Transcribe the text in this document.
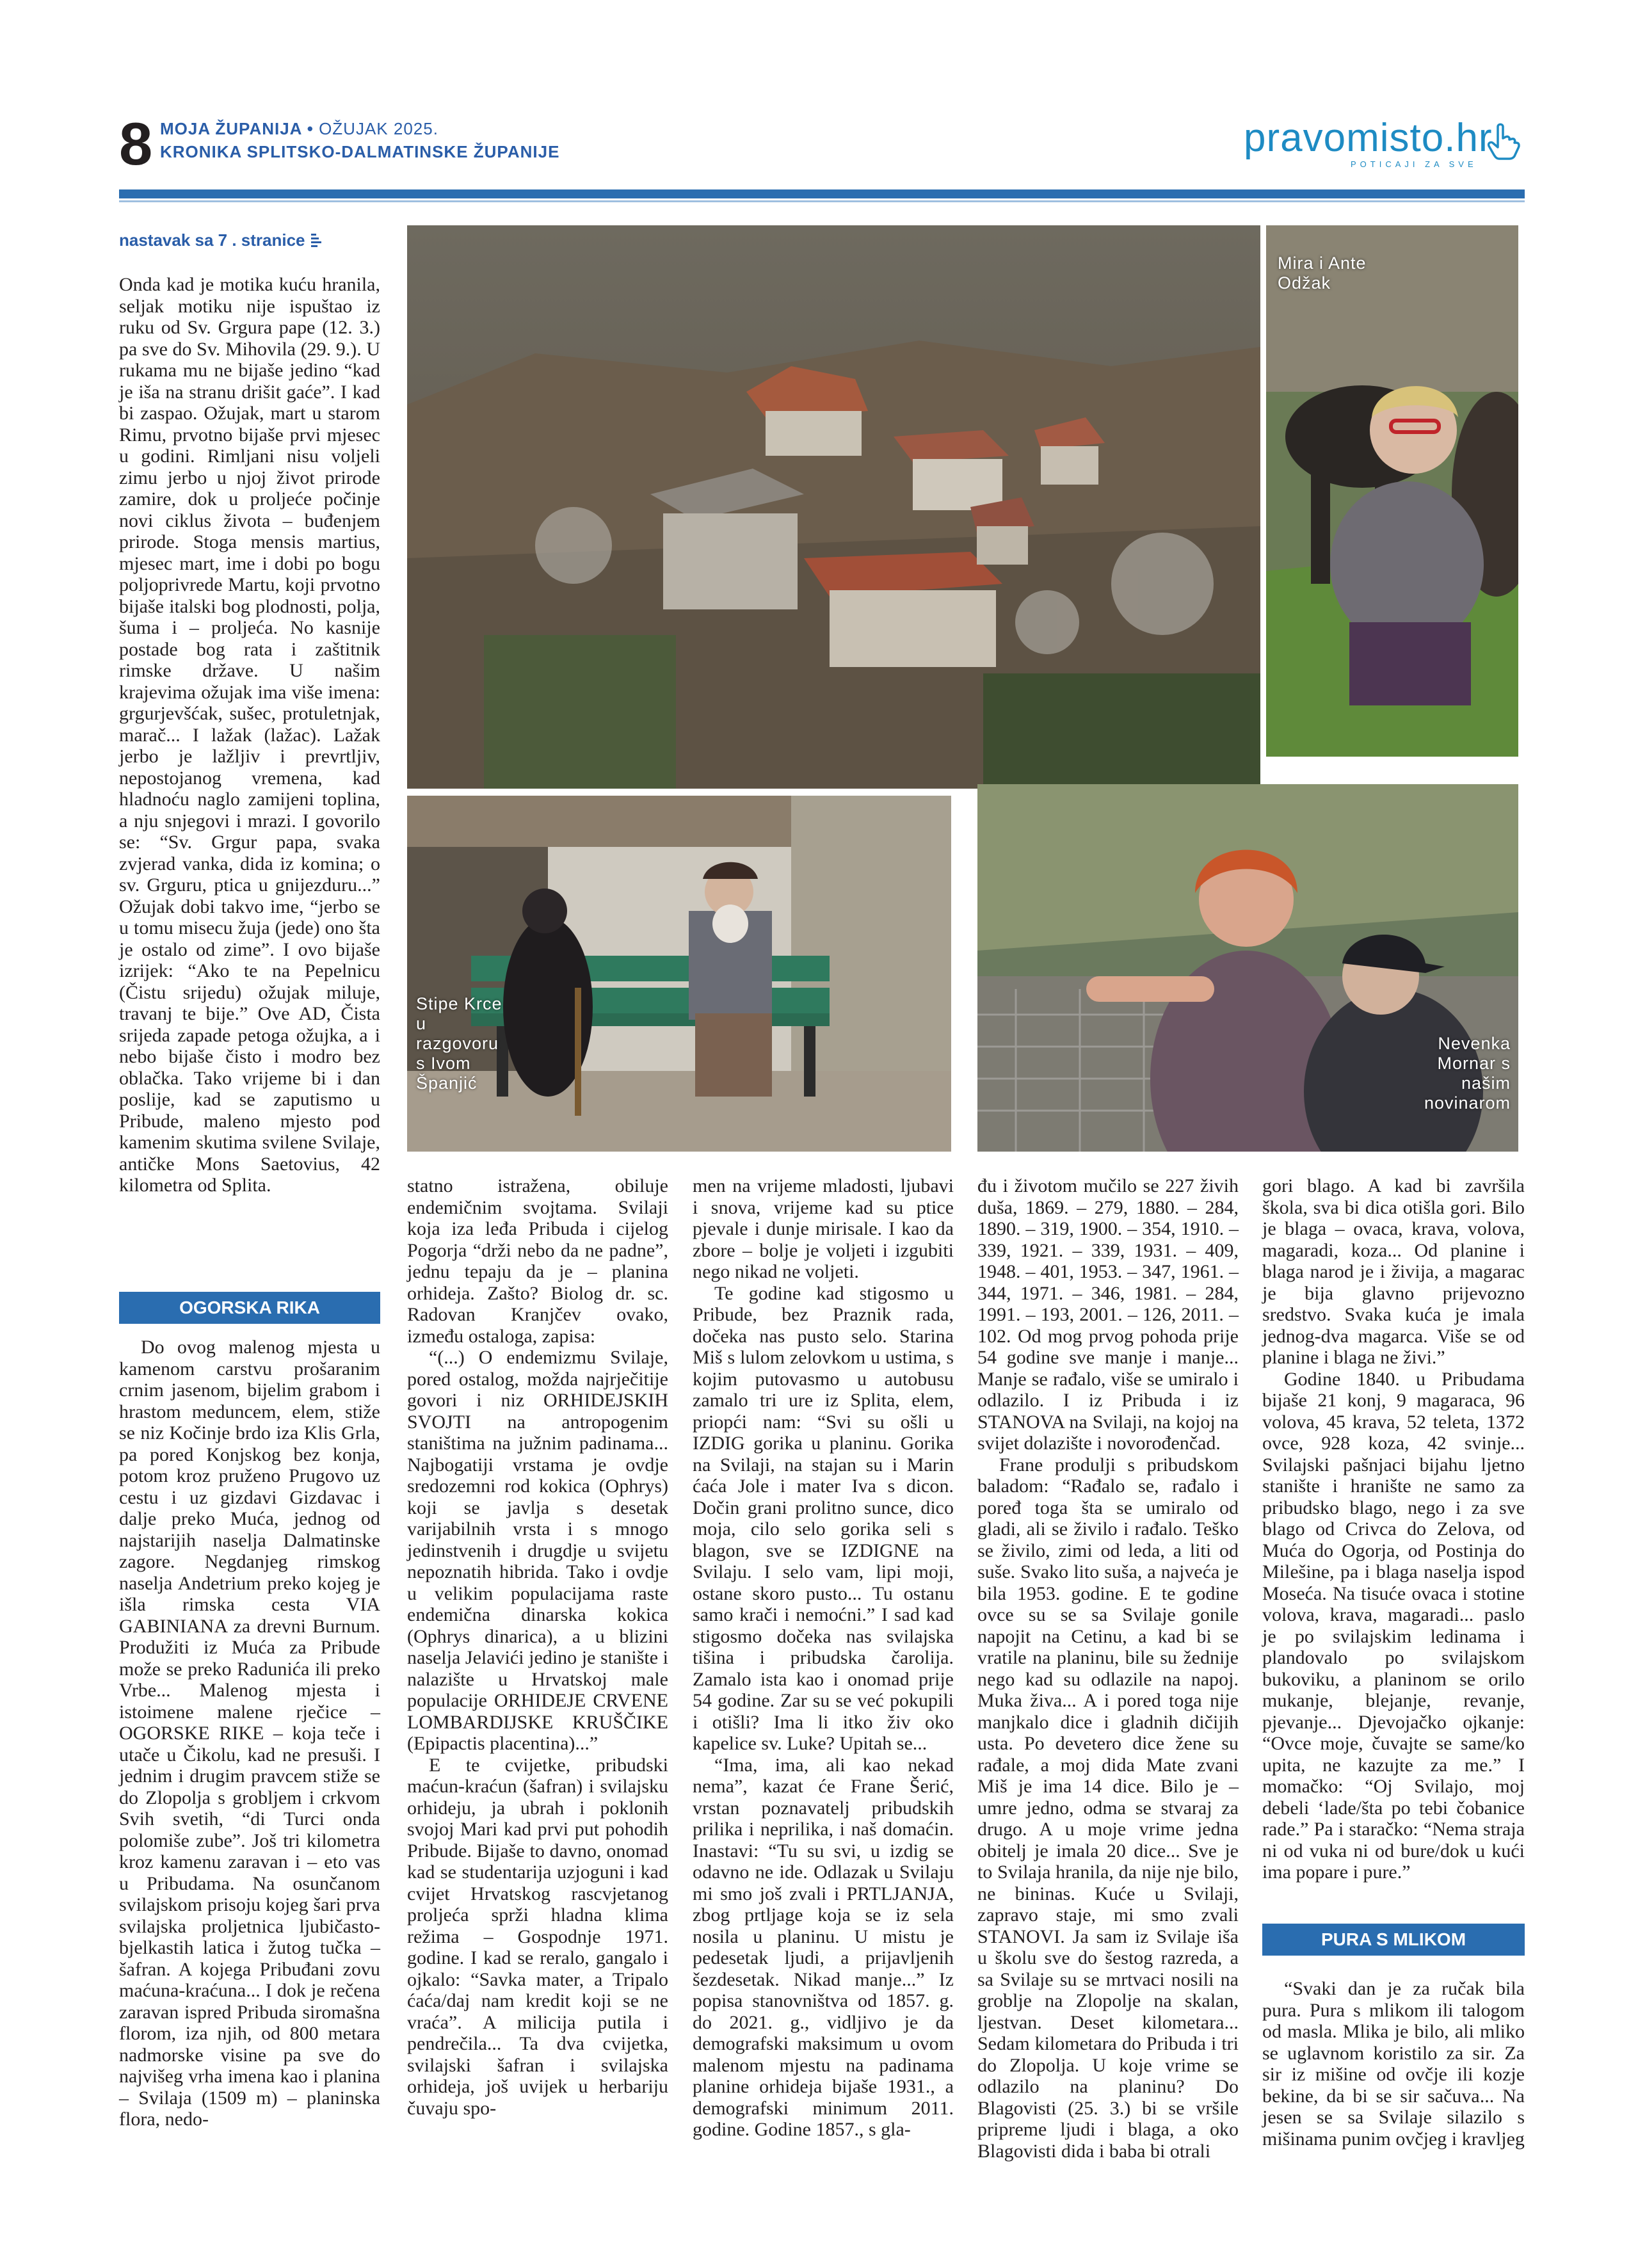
8 MOJA ŽUPANIJA • OŽUJAK 2025.
KRONIKA SPLITSKO-DALMATINSKE ŽUPANIJE	pravomisto.hr
POTICAJI ZA SVE
nastavak sa 7 . stranice
Mira i Ante Odžak
Stipe Krce u razgovoru s Ivom Španjić
Nevenka Mornar s našim novinarom

Onda kad je motika kuću hranila, seljak motiku nije ispuštao iz ruku od Sv. Grgura pape (12. 3.) pa sve do Sv. Mihovila (29. 9.). U rukama mu ne bijaše jedino “kad je iša na stranu drišit gaće”. I kad bi zaspao. Ožujak, mart u starom Rimu, prvotno bijaše prvi mjesec u godini. Rimljani nisu voljeli zimu jerbo u njoj život prirode zamire, dok u proljeće počinje novi ciklus života – buđenjem prirode. Stoga mensis martius, mjesec mart, ime i dobi po bogu poljoprivrede Martu, koji prvotno bijaše italski bog plodnosti, polja, šuma i – proljeća. No kasnije postade bog rata i zaštitnik rimske države. U našim krajevima ožujak ima više imena: grgurjevšćak, sušec, protuletnjak, marač... I lažak (lažac). Lažak jerbo je lažljiv i prevrtljiv, nepostojanog vremena, kad hladnoću naglo zamijeni toplina, a nju snjegovi i mrazi. I govorilo se: “Sv. Grgur papa, svaka zvjerad vanka, dida iz komina; o sv. Grguru, ptica u gnijezduru...” Ožujak dobi takvo ime, “jerbo se u tomu misecu žuja (jede) ono šta je ostalo od zime”. I ovo bijaše izrijek: “Ako te na Pepelnicu (Čistu srijedu) ožujak miluje, travanj te bije.” Ove AD, Čista srijeda zapade petoga ožujka, a i nebo bijaše čisto i modro bez oblačka. Tako vrijeme bi i dan poslije, kad se zaputismo u Pribude, maleno mjesto pod kamenim skutima svilene Svilaje, antičke Mons Saetovius, 42 kilometra od Splita.

OGORSKA RIKA

Do ovog malenog mjesta u kamenom carstvu prošaranim crnim jasenom, bijelim grabom i hrastom meduncem, elem, stiže se niz Kočinje brdo iza Klis Grla, pa pored Konjskog bez konja, potom kroz pruženo Prugovo uz cestu i uz gizdavi Gizdavac i dalje preko Muća, jednog od najstarijih naselja Dalmatinske zagore. Negdanjeg rimskog naselja Andetrium preko kojeg je išla rimska cesta VIA GABINIANA za drevni Burnum. Produžiti iz Muća za Pribude može se preko Radunića ili preko Vrbe... Malenog mjesta i istoimene malene rječice – OGORSKE RIKE – koja teče i utače u Čikolu, kad ne presuši. I jednim i drugim pravcem stiže se do Zlopolja s grobljem i crkvom Svih svetih, “di Turci onda polomiše zube”. Još tri kilometra kroz kamenu zaravan i – eto vas u Pribudama. Na osunčanom svilajskom prisoju kojeg šari prva svilajska proljetnica ljubičasto-bjelkastih latica i žutog tučka – šafran. A kojega Pribuđani zovu maćuna-kraćuna... I dok je rečena zaravan ispred Pribuda siromašna florom, iza njih, od 800 metara nadmorske visine pa sve do najvišeg vrha imena kao i planina – Svilaja (1509 m) – planinska flora, nedo-

statno istražena, obiluje endemičnim svojtama. Svilaji koja iza leđa Pribuda i cijelog Pogorja “drži nebo da ne padne”, jednu tepaju da je – planina orhideja. Zašto? Biolog dr. sc. Radovan Kranjčev ovako, između ostaloga, zapisa:

“(...) O endemizmu Svilaje, pored ostalog, možda najrječitije govori i niz ORHIDEJSKIH SVOJTI na antropogenim staništima na južnim padinama... Najbogatiji vrstama je ovdje sredozemni rod kokica (Ophrys) koji se javlja s desetak varijabilnih vrsta i s mnogo jedinstvenih i drugdje u svijetu nepoznatih hibrida. Tako i ovdje u velikim populacijama raste endemična dinarska kokica (Ophrys dinarica), a u blizini naselja Jelavići jedino je stanište i nalazište u Hrvatskoj male populacije ORHIDEJE CRVENE LOMBARDIJSKE KRUŠČIKE (Epipactis placentina)...”

E te cvijetke, pribudski maćun-kraćun (šafran) i svilajsku orhideju, ja ubrah i poklonih svojoj Mari kad prvi put pohodih Pribude. Bijaše to davno, onomad kad se studentarija uzjoguni i kad cvijet Hrvatskog rascvjetanog proljeća sprži hladna klima režima – Gospodnje 1971. godine. I kad se reralo, gangalo i ojkalo: “Savka mater, a Tripalo ćaća/daj nam kredit koji se ne vraća”. A milicija putila i pendrečila... Ta dva cvijetka, svilajski šafran i svilajska orhideja, još uvijek u herbariju čuvaju spo-

men na vrijeme mladosti, ljubavi i snova, vrijeme kad su ptice pjevale i dunje mirisale. I kao da zbore – bolje je voljeti i izgubiti nego nikad ne voljeti.

Te godine kad stigosmo u Pribude, bez Praznik rada, dočeka nas pusto selo. Starina Miš s lulom zelovkom u ustima, s kojim putovasmo u autobusu zamalo tri ure iz Splita, elem, priopći nam: “Svi su ošli u IZDIG gorika u planinu. Gorika na Svilaji, na stajan su i Marin ćaća Jole i mater Iva s dicon. Dočin grani prolitno sunce, dico moja, cilo selo gorika seli s blagon, sve se IZDIGNE na Svilaju. I selo vam, lipi moji, ostane skoro pusto... Tu ostanu samo krači i nemoćni.” I sad kad stigosmo dočeka nas svilajska tišina i pribudska čarolija. Zamalo ista kao i onomad prije 54 godine. Zar su se već pokupili i otišli? Ima li itko živ oko kapelice sv. Luke? Upitah se...

“Ima, ima, ali kao nekad nema”, kazat će Frane Šerić, vrstan poznavatelj pribudskih prilika i neprilika, i naš domaćin. Inastavi: “Tu su svi, u izdig se odavno ne ide. Odlazak u Svilaju mi smo još zvali i PRTLJANJA, zbog prtljage koja se iz sela nosila u planinu. U mistu je pedesetak ljudi, a prijavljenih šezdesetak. Nikad manje...” Iz popisa stanovništva od 1857. g. do 2021. g., vidljivo je da demografski maksimum u ovom malenom mjestu na padinama planine orhideja bijaše 1931., a demografski minimum 2011. godine. Godine 1857., s gla-

đu i životom mučilo se 227 živih duša, 1869. – 279, 1880. – 284, 1890. – 319, 1900. – 354, 1910. – 339, 1921. – 339, 1931. – 409, 1948. – 401, 1953. – 347, 1961. – 344, 1971. – 346, 1981. – 284, 1991. – 193, 2001. – 126, 2011. – 102. Od mog prvog pohoda prije 54 godine sve manje i manje... Manje se rađalo, više se umiralo i odlazilo. I iz Pribuda i iz STANOVA na Svilaji, na kojoj na svijet dolazište i novorođenčad.

Frane produlji s pribudskom baladom: “Rađalo se, rađalo i poređ toga šta se umiralo od gladi, ali se živilo i rađalo. Teško se živilo, zimi od leda, a liti od suše. Svako lito suša, a najveća je bila 1953. godine. E te godine ovce su se sa Svilaje gonile napojit na Cetinu, a kad bi se vratile na planinu, bile su žednije nego kad su odlazile na napoj. Muka živa... A i pored toga nije manjkalo dice i gladnih dičijih usta. Po devetero dice žene su rađale, a moj dida Mate zvani Miš je ima 14 dice. Bilo je – umre jedno, odma se stvaraj za drugo. A u moje vrime jedna obitelj je imala 20 dice... Sve je to Svilaja hranila, da nije nje bilo, ne bininas. Kuće u Svilaji, zapravo staje, mi smo zvali STANOVI. Ja sam iz Svilaje iša u školu sve do šestog razreda, a sa Svilaje su se mrtvaci nosili na groblje na Zlopolje na skalan, ljestvan. Deset kilometara... Sedam kilometara do Pribuda i tri do Zlopolja. U koje vrime se odlazilo na planinu? Do Blagovisti (25. 3.) bi se vršile pripreme ljudi i blaga, a oko Blagovisti dida i baba bi otrali

gori blago. A kad bi završila škola, sva bi dica otišla gori. Bilo je blaga – ovaca, krava, volova, magaradi, koza... Od planine i blaga narod je i živija, a magarac je bija glavno prijevozno sredstvo. Svaka kuća je imala jednog-dva magarca. Više se od planine i blaga ne živi.”

Godine 1840. u Pribudama bijaše 21 konj, 9 magaraca, 96 volova, 45 krava, 52 teleta, 1372 ovce, 928 koza, 42 svinje... Svilajski pašnjaci bijahu ljetno stanište i hranište ne samo za pribudsko blago, nego i za sve blago od Crivca do Zelova, od Mućа do Ogorja, od Postinja do Milešine, pa i blaga naselja ispod Mosećа. Na tisuće ovaca i stotine volova, krava, magaradi... paslo je po svilajskim ledinama i plandovalo po svilajskom bukoviku, a planinom se orilo mukanje, blejanje, revanje, pjevanje... Djevojačko ojkanje: “Ovce moje, čuvajte se same/ko upita, ne kazujte za me.” I momačko: “Oj Svilajo, moj debeli ‘lade/šta po tebi čobanice rade.” Pa i staračko: “Nema straja ni od vuka ni od bure/dok u kući ima popare i pure.”

PURA S MLIKOM

“Svaki dan je za ručak bila pura. Pura s mlikom ili talogom od masla. Mlika je bilo, ali mliko se uglavnom koristilo za sir. Za sir iz mišine od ovčje ili kozje bekine, da bi se sir sačuva... Na jesen se sa Svilaje silazilo s mišinama punim ovčjeg i kravljeg
